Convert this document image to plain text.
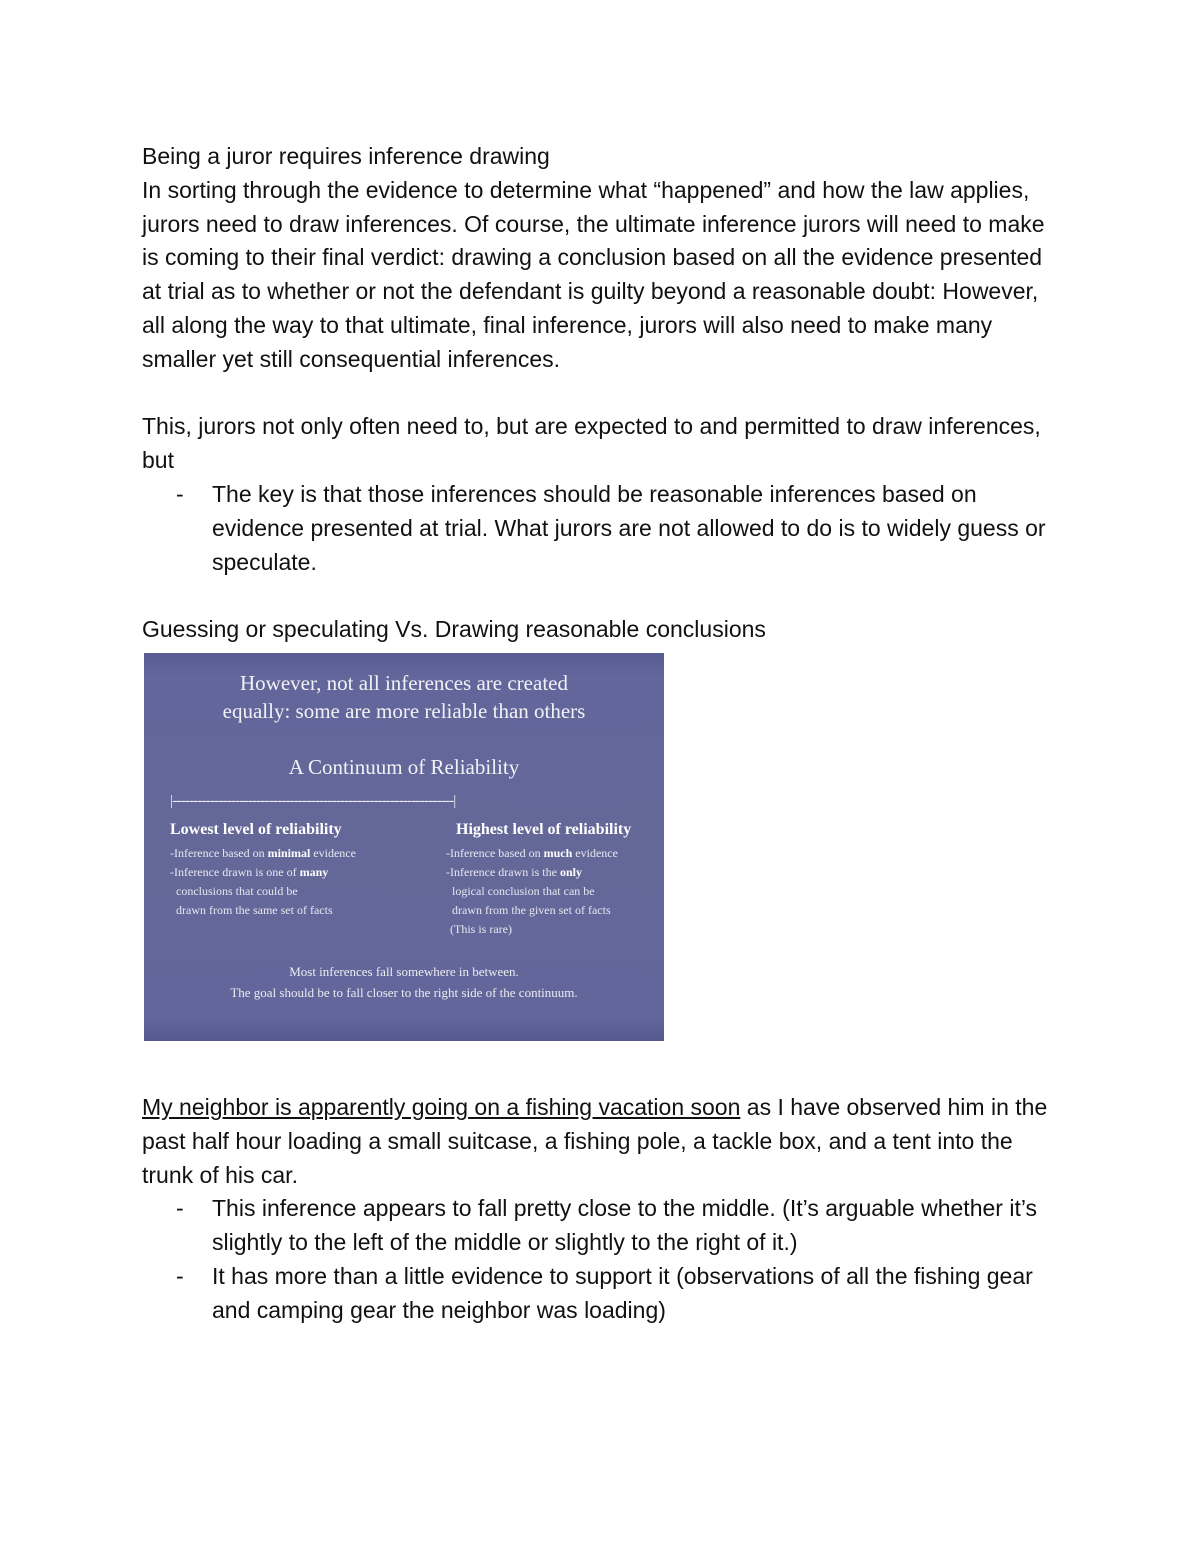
Being a juror requires inference drawing

In sorting through the evidence to determine what “happened” and how the law applies, jurors need to draw inferences. Of course, the ultimate inference jurors will need to make is coming to their final verdict: drawing a conclusion based on all the evidence presented at trial as to whether or not the defendant is guilty beyond a reasonable doubt: However, all along the way to that ultimate, final inference, jurors will also need to make many smaller yet still consequential inferences.

This, jurors not only often need to, but are expected to and permitted to draw inferences, but

- The key is that those inferences should be reasonable inferences based on evidence presented at trial. What jurors are not allowed to do is to widely guess or speculate.

Guessing or speculating Vs. Drawing reasonable conclusions

However, not all inferences are created
equally: some are more reliable than others
A Continuum of Reliability
|-------------------------------------------------------------------|
Lowest level of reliability
-Inference based on minimal evidence
-Inference drawn is one of many
conclusions that could be
drawn from the same set of facts
Highest level of reliability
-Inference based on much evidence
-Inference drawn is the only
logical conclusion that can be
drawn from the given set of facts
(This is rare)
Most inferences fall somewhere in between.
The goal should be to fall closer to the right side of the continuum.

My neighbor is apparently going on a fishing vacation soon as I have observed him in the past half hour loading a small suitcase, a fishing pole, a tackle box, and a tent into the trunk of his car.

- This inference appears to fall pretty close to the middle. (It’s arguable whether it’s slightly to the left of the middle or slightly to the right of it.)
- It has more than a little evidence to support it (observations of all the fishing gear and camping gear the neighbor was loading)
